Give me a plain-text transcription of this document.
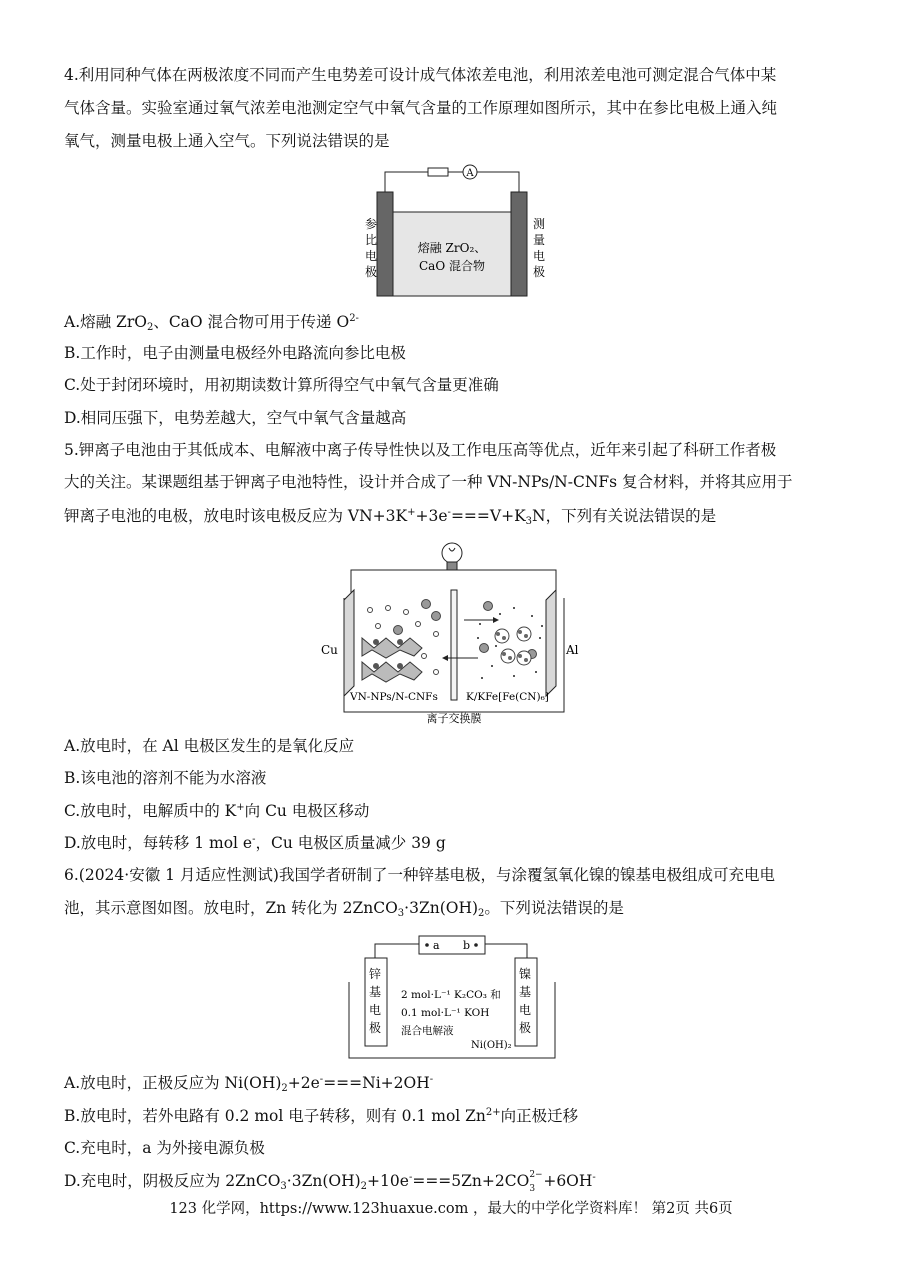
4.利用同种气体在两极浓度不同而产生电势差可设计成气体浓差电池，利用浓差电池可测定混合气体中某
气体含量。实验室通过氧气浓差电池测定空气中氧气含量的工作原理如图所示，其中在参比电极上通入纯
氧气，测量电极上通入空气。下列说法错误的是
A
参
比
电
极
测
量
电
极
熔融 ZrO₂、
CaO 混合物
A.熔融 ZrO$_2$、CaO 混合物可用于传递 $O^{2-}$
B.工作时，电子由测量电极经外电路流向参比电极
C.处于封闭环境时，用初期读数计算所得空气中氧气含量更准确
D.相同压强下，电势差越大，空气中氧气含量越高
5.钾离子电池由于其低成本、电解液中离子传导性快以及工作电压高等优点，近年来引起了科研工作者极
大的关注。某课题组基于钾离子电池特性，设计并合成了一种 VN-NPs/N-CNFs 复合材料，并将其应用于
钾离子电池的电极，放电时该电极反应为 $VN+3K^++3e^-===V+K_3N$，下列有关说法错误的是
Cu	Al
VN-NPs/N-CNFs	K/KFe[Fe(CN)₆]
离子交换膜
A.放电时，在 Al 电极区发生的是氧化反应
B.该电池的溶剂不能为水溶液
C.放电时，电解质中的 K+向 Cu 电极区移动
D.放电时，每转移 1 mol e-，Cu 电极区质量减少 39 g
6.(2024·安徽 1 月适应性测试)我国学者研制了一种锌基电极，与涂覆氢氧化镍的镍基电极组成可充电电
池，其示意图如图。放电时，Zn 转化为 $2ZnCO_3\cdot 3Zn(OH)_2$。下列说法错误的是
a b
锌
基
电
极
镍
基
电
极
2 mol·L⁻¹ K₂CO₃ 和
0.1 mol·L⁻¹ KOH
混合电解液
Ni(OH)₂
A.放电时，正极反应为 $Ni(OH)_2+2e^-===Ni+2OH^-$
B.放电时，若外电路有 0.2 mol 电子转移，则有 0.1 mol $Zn^{2+}$向正极迁移
C.充电时，a 为外接电源负极
D.充电时，阴极反应为 $2ZnCO_3\cdot 3Zn(OH)_2+10e^-===5Zn+2CO$ 2−
3 +6OH-
123 化学网，https://www.123huaxue.com ，最大的中学化学资料库！ 第2页 共6页
